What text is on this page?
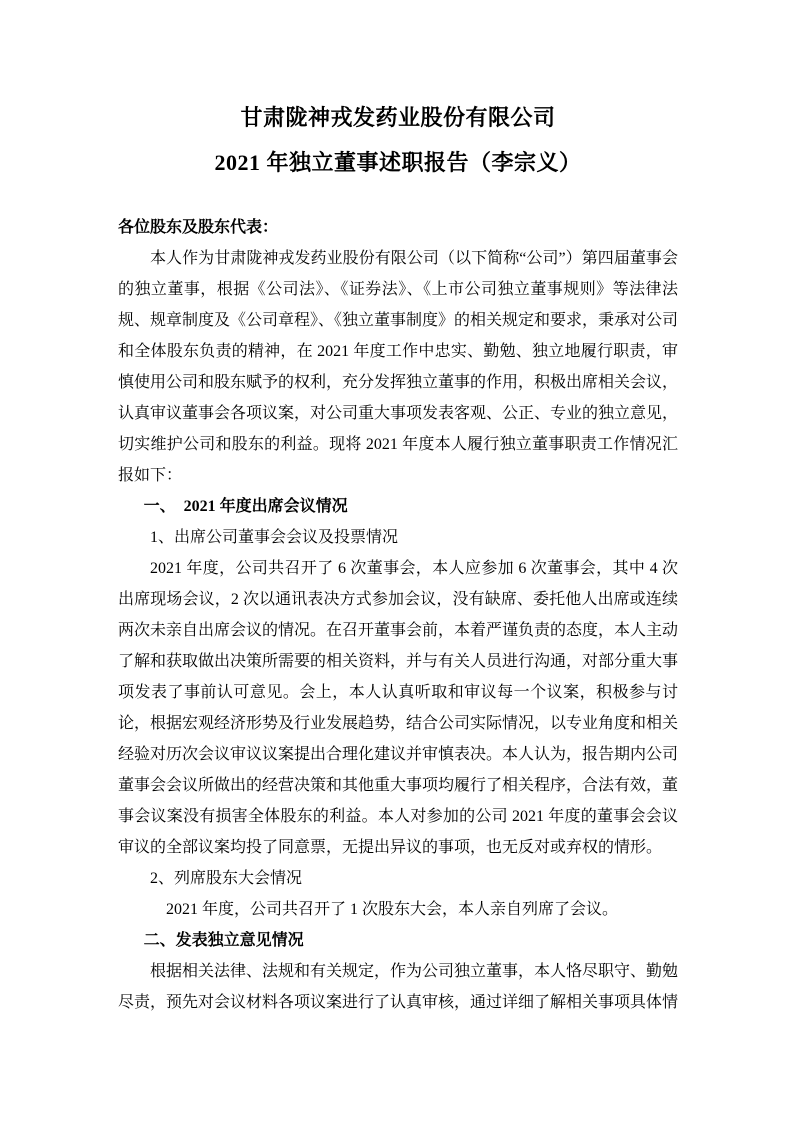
甘肃陇神戎发药业股份有限公司
2021 年独立董事述职报告（李宗义）

各位股东及股东代表：

本人作为甘肃陇神戎发药业股份有限公司（以下简称“公司”）第四届董事会的独立董事，根据《公司法》、《证券法》、《上市公司独立董事规则》等法律法规、规章制度及《公司章程》、《独立董事制度》的相关规定和要求，秉承对公司和全体股东负责的精神，在 2021 年度工作中忠实、勤勉、独立地履行职责，审慎使用公司和股东赋予的权利，充分发挥独立董事的作用，积极出席相关会议，认真审议董事会各项议案，对公司重大事项发表客观、公正、专业的独立意见，切实维护公司和股东的利益。现将 2021 年度本人履行独立董事职责工作情况汇报如下：

一、　2021 年度出席会议情况

1、出席公司董事会会议及投票情况

2021 年度，公司共召开了 6 次董事会，本人应参加 6 次董事会，其中 4 次出席现场会议，2 次以通讯表决方式参加会议，没有缺席、委托他人出席或连续两次未亲自出席会议的情况。在召开董事会前，本着严谨负责的态度，本人主动了解和获取做出决策所需要的相关资料，并与有关人员进行沟通，对部分重大事项发表了事前认可意见。会上，本人认真听取和审议每一个议案，积极参与讨论，根据宏观经济形势及行业发展趋势，结合公司实际情况，以专业角度和相关经验对历次会议审议议案提出合理化建议并审慎表决。本人认为，报告期内公司董事会会议所做出的经营决策和其他重大事项均履行了相关程序，合法有效，董事会议案没有损害全体股东的利益。本人对参加的公司 2021 年度的董事会会议审议的全部议案均投了同意票，无提出异议的事项，也无反对或弃权的情形。

2、列席股东大会情况

2021 年度，公司共召开了 1 次股东大会，本人亲自列席了会议。

二、发表独立意见情况

根据相关法律、法规和有关规定，作为公司独立董事，本人恪尽职守、勤勉尽责，预先对会议材料各项议案进行了认真审核，通过详细了解相关事项具体情
